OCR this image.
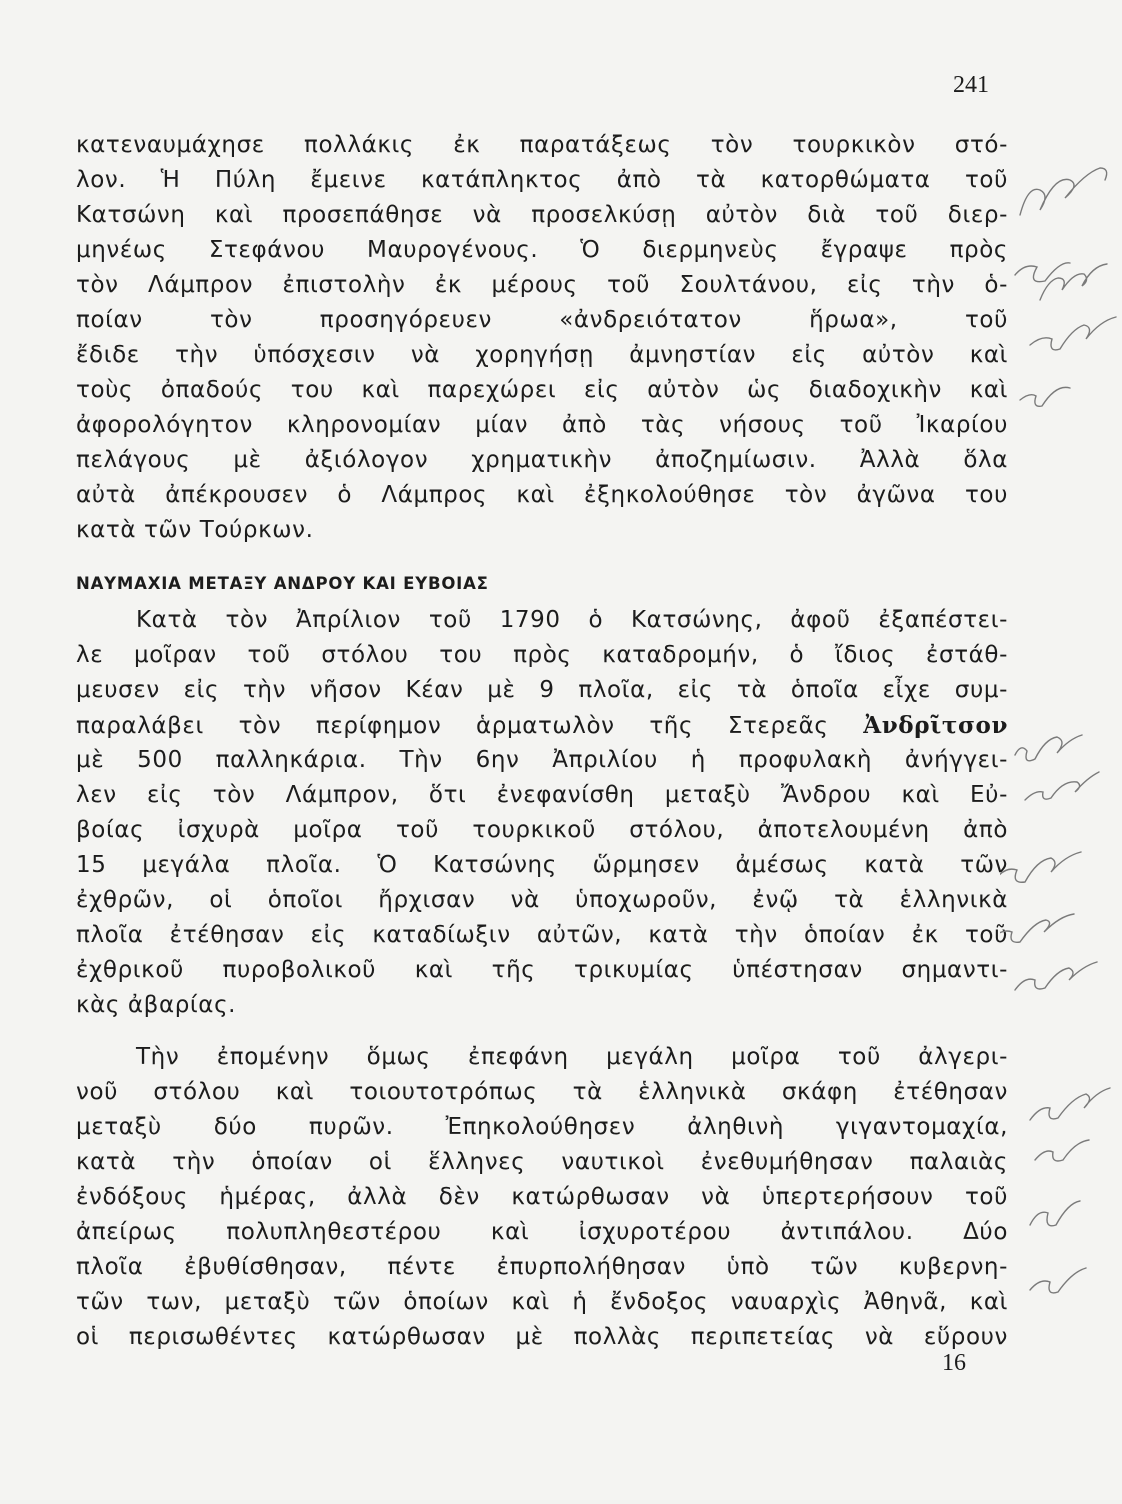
241
κατεναυμάχησε πολλάκις ἐκ παρατάξεως τὸν τουρκικὸν στό-
λον. Ἡ Πύλη ἔμεινε κατάπληκτος ἀπὸ τὰ κατορθώματα τοῦ
Κατσώνη καὶ προσεπάθησε νὰ προσελκύσῃ αὐτὸν διὰ τοῦ διερ-
μηνέως Στεφάνου Μαυρογένους. Ὁ διερμηνεὺς ἔγραψε πρὸς
τὸν Λάμπρον ἐπιστολὴν ἐκ μέρους τοῦ Σουλτάνου, εἰς τὴν ὁ-
ποίαν τὸν προσηγόρευεν «ἀνδρειότατον ἥρωα», τοῦ
ἔδιδε τὴν ὑπόσχεσιν νὰ χορηγήσῃ ἀμνηστίαν εἰς αὐτὸν καὶ
τοὺς ὀπαδούς του καὶ παρεχώρει εἰς αὐτὸν ὡς διαδοχικὴν καὶ
ἀφορολόγητον κληρονομίαν μίαν ἀπὸ τὰς νήσους τοῦ Ἰκαρίου
πελάγους μὲ ἀξιόλογον χρηματικὴν ἀποζημίωσιν. Ἀλλὰ ὅλα
αὐτὰ ἀπέκρουσεν ὁ Λάμπρος καὶ ἐξηκολούθησε τὸν ἀγῶνα του
κατὰ τῶν Τούρκων.
ΝΑΥΜΑΧΙΑ ΜΕΤΑΞΥ ΑΝΔΡΟΥ ΚΑΙ ΕΥΒΟΙΑΣ
Κατὰ τὸν Ἀπρίλιον τοῦ 1790 ὁ Κατσώνης, ἀφοῦ ἐξαπέστει-
λε μοῖραν τοῦ στόλου του πρὸς καταδρομήν, ὁ ἴδιος ἐστάθ-
μευσεν εἰς τὴν νῆσον Κέαν μὲ 9 πλοῖα, εἰς τὰ ὁποῖα εἶχε συμ-
παραλάβει τὸν περίφημον ἁρματωλὸν τῆς Στερεᾶς Ἀνδρῖτσον
μὲ 500 παλληκάρια. Τὴν 6ην Ἀπριλίου ἡ προφυλακὴ ἀνήγγει-
λεν εἰς τὸν Λάμπρον, ὅτι ἐνεφανίσθη μεταξὺ Ἄνδρου καὶ Εὐ-
βοίας ἰσχυρὰ μοῖρα τοῦ τουρκικοῦ στόλου, ἀποτελουμένη ἀπὸ
15 μεγάλα πλοῖα. Ὁ Κατσώνης ὥρμησεν ἀμέσως κατὰ τῶν
ἐχθρῶν, οἱ ὁποῖοι ἤρχισαν νὰ ὑποχωροῦν, ἐνῷ τὰ ἑλληνικὰ
πλοῖα ἐτέθησαν εἰς καταδίωξιν αὐτῶν, κατὰ τὴν ὁποίαν ἐκ τοῦ
ἐχθρικοῦ πυροβολικοῦ καὶ τῆς τρικυμίας ὑπέστησαν σημαντι-
κὰς ἀβαρίας.
Τὴν ἐπομένην ὅμως ἐπεφάνη μεγάλη μοῖρα τοῦ ἀλγερι-
νοῦ στόλου καὶ τοιουτοτρόπως τὰ ἑλληνικὰ σκάφη ἐτέθησαν
μεταξὺ δύο πυρῶν. Ἐπηκολούθησεν ἀληθινὴ γιγαντομαχία,
κατὰ τὴν ὁποίαν οἱ ἕλληνες ναυτικοὶ ἐνεθυμήθησαν παλαιὰς
ἐνδόξους ἡμέρας, ἀλλὰ δὲν κατώρθωσαν νὰ ὑπερτερήσουν τοῦ
ἀπείρως πολυπληθεστέρου καὶ ἰσχυροτέρου ἀντιπάλου. Δύο
πλοῖα ἐβυθίσθησαν, πέντε ἐπυρπολήθησαν ὑπὸ τῶν κυβερνη-
τῶν των, μεταξὺ τῶν ὁποίων καὶ ἡ ἔνδοξος ναυαρχὶς Ἀθηνᾶ, καὶ
οἱ περισωθέντες κατώρθωσαν μὲ πολλὰς περιπετείας νὰ εὕρουν
16
